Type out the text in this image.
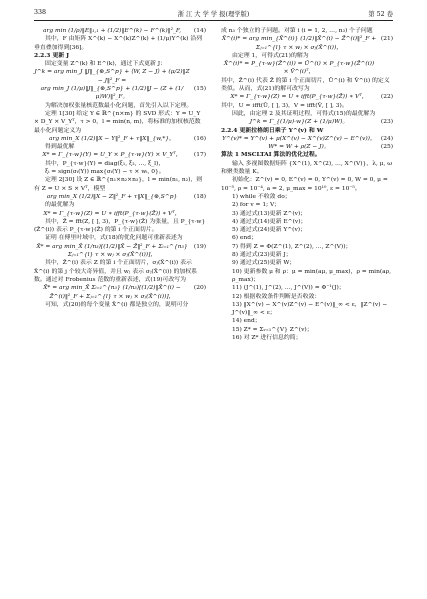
338	浙 江 大 学 学 报(理学版)	第 52 卷
arg min (1/ρ)‖E‖₁,₁ + (1/2)‖E^(k) − F^(k)‖²_F, (14)
其中，F 由矩阵 X^(k) − X^(k)Z^(k) + (1/μ)Y^(k) 沿列垂直叠加得到[36]。
2.2.3 更新 J
固定变量 Z^(k) 和 E^(k)，通过下式更新 J：
J^k = arg min_J ‖J‖_{⊛,S^p} + ⟨W, Z − J⟩ + (μ/2)‖Z − J‖²_F =
arg min_J (1/μ)‖J‖_{⊛,S^p} + (1/2)‖J − (Z + (1/μ)W)‖²_F。
(15)
为解决加权张量核范数最小化问题，首先引入以下定理。
定理 1[30] 给定 Y ∈ ℝ^{n×m} 的 SVD 形式：Y = U_Y × D_Y × V_Yᵀ，τ > 0，l = min(n, m)，将标准的加权核范数最小化问题定义为
arg min_X (1/2)‖X − Y‖²_F + τ‖X‖_{w,*}，	(16)
得到最优解
X* = Γ_{τ·w}(Y) = U_Y × P_{τ·w}(Y) × V_Yᵀ， (17)
其中，P_{τ·w}(Y) = diag(ξ₁, ξ₂, …, ξ_l)，
ξᵢ = sign(σᵢ(Y)) max{σᵢ(Y) − τ × wᵢ, 0}。
定理 2[30] 设 Z ∈ ℝ^{n₁×n₂×n₃}，l = min(n₁, n₂)，则有 Z = U × S × Vᵀ，模型
arg min_X (1/2)‖X − Z‖²_F + τ‖X‖_{⊛,S^p}	(18)
的最优解为
X* = Γ_{τ·w}(Z) = U ∗ ifft(P_{τ·w}(Z̄)) ∗ Vᵀ，
其中，Z̄ = fft(Z, [ ], 3)，P_{τ·w}(Z̄) 为张量，且 P_{τ·w}(Z̄^(i)) 表示 P_{τ·w}(Z̄) 的第 i 个正面切片。
证明 在傅里叶域中，式(18)的优化问题可重新表述为
X̄* = arg min_X̄ (1/n₃)[(1/2)‖X̄ − Z̄‖²_F + Σᵢ₌₁^{n₃} Σⱼ₌₁^{l} τ × wⱼ × σⱼ(X̄^(i))]，
(19)
其中，Z̄^(i) 表示 Z 的第 i 个正面切片，σⱼ(X̄^(i)) 表示 X̄^(i) 的第 j 个较大奇异值，并且 wⱼ 表示 σⱼ(X̄^(i)) 的加权系数。通过对 Frobenius 范数的重新表述，式(19)可改写为
X̄* = arg min_X̄ Σᵢ₌₁^{n₃} (1/n₃)[(1/2)‖X̄^(i) − Z̄^(i)‖²_F + Σⱼ₌₁^{l} τ × wⱼ × σⱼ(X̄^(i))]，
(20)
可知，式(20)的每个变量 X̄^(i) 都是独立的，说明可分
成 n₃ 个独立的子问题。对第 i (i = 1, 2, …, n₃) 个子问题
X̄^(i)* = arg min_{X̄^(i)} (1/2)‖X̄^(i) − Z̄^(i)‖²_F + Σⱼ₌₁^{l} τ × wⱼ × σⱼ(X̄^(i))，
(21)
由定理 1，可得式(21)的解为
X̄^(i)* = P_{τ·w}(Z̄^(i)) = Ū^(i) × P_{τ·w}(Z̄^(i)) × V̄^(i)ᵀ，
其中，Z̄^(i) 代表 Z̄ 的第 i 个正面切片，Ū^(i) 和 V̄^(i) 的定义类似。从而，式(21)的解可改写为
X* = Γ_{τ·w}(Z) = U ∗ ifft(P_{τ·w}(Z̄)) ∗ Vᵀ， (22)
其中，U = ifft(Ū, [ ], 3)，V = ifft(V̄, [ ], 3)。
因此，由定理 2 及其证明过程，可得式(15)的最优解为
J^k = Γ_{(1/μ)·w}(Z + (1/μ)W)。	(23)
2.2.4 更新拉格朗日乘子 Y^(v) 和 W
Y^(v)* = Y^(v) + μ(X^(v) − X^(v)Z^(v) − E^(v))， (24)
W* = W + ρ(Z − J)。	(25)
算法 1 MSCLTAI 算法的优化过程。
输入 多视图数据矩阵 {X^(1), X^(2), …, X^(V)}，λ, μ, ω 和聚类数量 K。
初始化：Z^(v) = 0, E^(v) = 0, Y^(v) = 0, W = 0, μ = 10⁻⁵, ρ = 10⁻⁴, a = 2, μ_max = 10¹⁰, ε = 10⁻⁵。
1) while 不收敛 do；
2) for v = 1; V；
3) 通过式(13)更新 Z^(v)；
4) 通过式(14)更新 E^(v)；
5) 通过式(24)更新 Y^(v)；
6) end；
7) 得到 Z = Φ(Z^(1), Z^(2), …, Z^(V))；
8) 通过式(23)更新 J；
9) 通过式(25)更新 W；
10) 更新参数 μ 和 ρ：μ = min(aμ, μ_max)，ρ = min(aρ, ρ_max)；
11) (J^(1), J^(2), …, J^(V)) = Φ⁻¹(J)；
12) 根据收敛条件判断是否收敛：
13) ‖X^(v) − X^(v)Z^(v) − E^(v)‖_∞ < ε，‖Z^(v) − J^(v)‖_∞ < ε；
14) end；
15) Z* = Σᵥ₌₁^{V} Z^(v)；
16) 对 Z* 进行信息约简；
